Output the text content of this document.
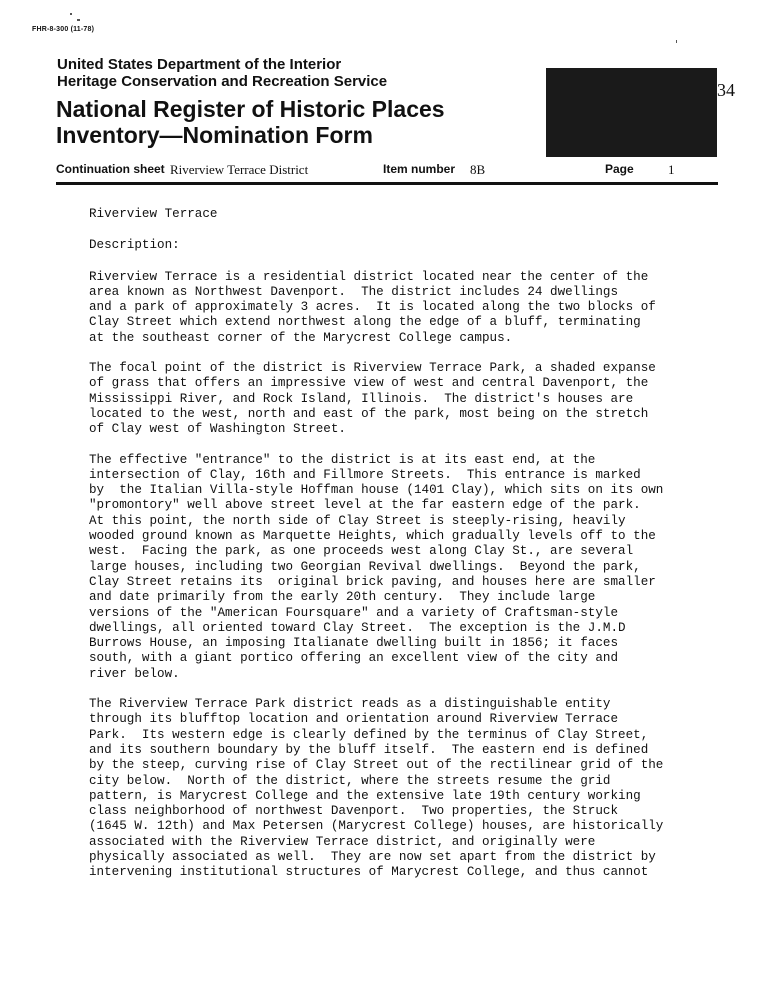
FHR-8-300 (11-78)
United States Department of the Interior
Heritage Conservation and Recreation Service
National Register of Historic Places
Inventory—Nomination Form
34
Continuation sheet Riverview Terrace District	Item number 8B	Page	1

Riverview Terrace

Description:

Riverview Terrace is a residential district located near the center of the

area known as Northwest Davenport.  The district includes 24 dwellings

and a park of approximately 3 acres.  It is located along the two blocks of

Clay Street which extend northwest along the edge of a bluff, terminating

at the southeast corner of the Marycrest College campus.

The focal point of the district is Riverview Terrace Park, a shaded expanse

of grass that offers an impressive view of west and central Davenport, the

Mississippi River, and Rock Island, Illinois.  The district's houses are

located to the west, north and east of the park, most being on the stretch

of Clay west of Washington Street.

The effective "entrance" to the district is at its east end, at the

intersection of Clay, 16th and Fillmore Streets.  This entrance is marked

by  the Italian Villa-style Hoffman house (1401 Clay), which sits on its own

"promontory" well above street level at the far eastern edge of the park.

At this point, the north side of Clay Street is steeply-rising, heavily

wooded ground known as Marquette Heights, which gradually levels off to the

west.  Facing the park, as one proceeds west along Clay St., are several

large houses, including two Georgian Revival dwellings.  Beyond the park,

Clay Street retains its  original brick paving, and houses here are smaller

and date primarily from the early 20th century.  They include large

versions of the "American Foursquare" and a variety of Craftsman-style

dwellings, all oriented toward Clay Street.  The exception is the J.M.D

Burrows House, an imposing Italianate dwelling built in 1856; it faces

south, with a giant portico offering an excellent view of the city and

river below.

The Riverview Terrace Park district reads as a distinguishable entity

through its blufftop location and orientation around Riverview Terrace

Park.  Its western edge is clearly defined by the terminus of Clay Street,

and its southern boundary by the bluff itself.  The eastern end is defined

by the steep, curving rise of Clay Street out of the rectilinear grid of the

city below.  North of the district, where the streets resume the grid

pattern, is Marycrest College and the extensive late 19th century working

class neighborhood of northwest Davenport.  Two properties, the Struck

(1645 W. 12th) and Max Petersen (Marycrest College) houses, are historically

associated with the Riverview Terrace district, and originally were

physically associated as well.  They are now set apart from the district by

intervening institutional structures of Marycrest College, and thus cannot
